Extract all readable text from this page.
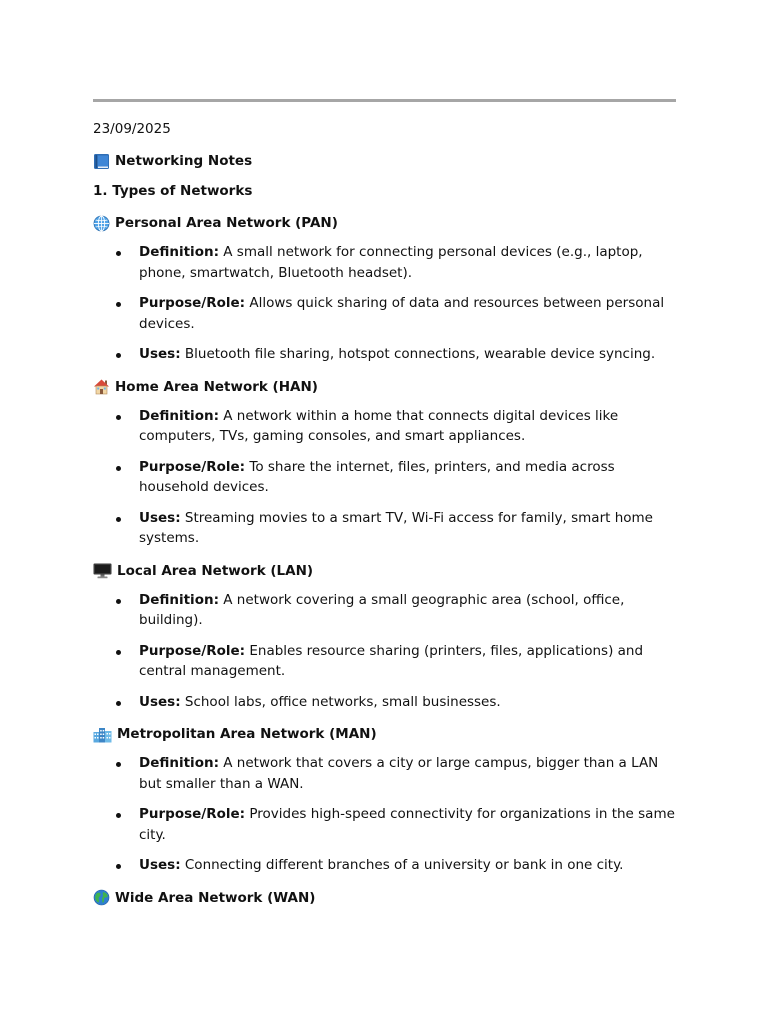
23/09/2025
Networking Notes
1. Types of Networks
Personal Area Network (PAN)
Definition: A small network for connecting personal devices (e.g., laptop, phone, smartwatch, Bluetooth headset).
Purpose/Role: Allows quick sharing of data and resources between personal devices.
Uses: Bluetooth file sharing, hotspot connections, wearable device syncing.
Home Area Network (HAN)
Definition: A network within a home that connects digital devices like computers, TVs, gaming consoles, and smart appliances.
Purpose/Role: To share the internet, files, printers, and media across household devices.
Uses: Streaming movies to a smart TV, Wi-Fi access for family, smart home systems.
Local Area Network (LAN)
Definition: A network covering a small geographic area (school, office, building).
Purpose/Role: Enables resource sharing (printers, files, applications) and central management.
Uses: School labs, office networks, small businesses.
Metropolitan Area Network (MAN)
Definition: A network that covers a city or large campus, bigger than a LAN but smaller than a WAN.
Purpose/Role: Provides high-speed connectivity for organizations in the same city.
Uses: Connecting different branches of a university or bank in one city.
Wide Area Network (WAN)
